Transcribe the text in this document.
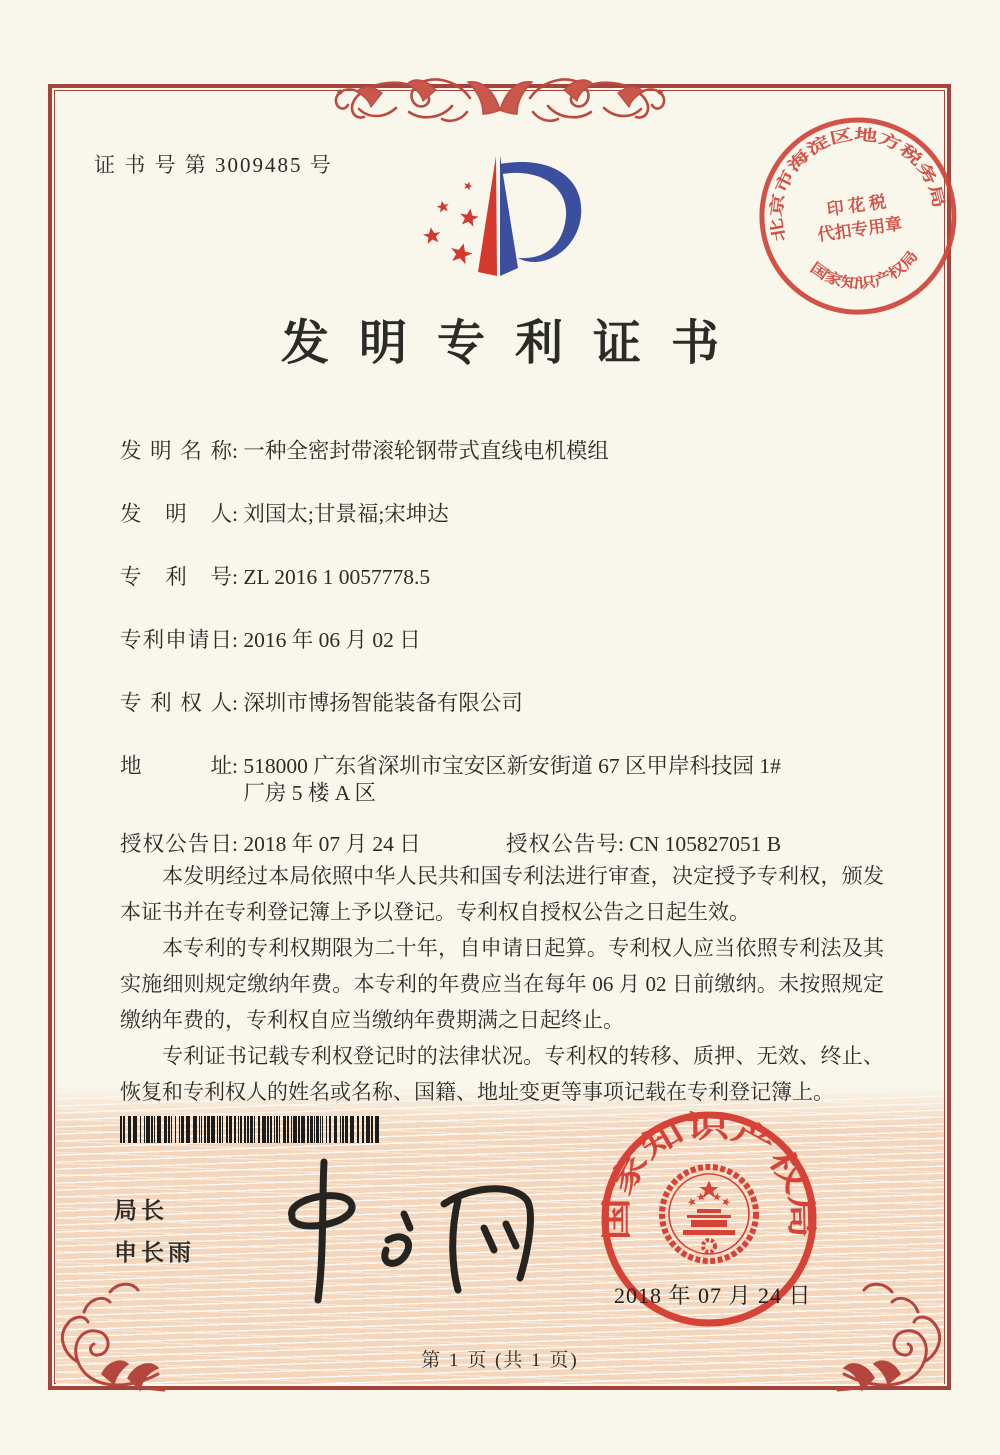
证 书 号 第 3009485 号
北京市海淀区地方税务局
印 花 税
代扣专用章
国家知识产权局
发明专利证书
发明名称 : 一种全密封带滚轮钢带式直线电机模组
发明人 : 刘国太;甘景福;宋坤达
专利号 : ZL 2016 1 0057778.5
专利申请日 : 2016 年 06 月 02 日
专利权人 : 深圳市博扬智能装备有限公司
地址 : 518000 广东省深圳市宝安区新安街道 67 区甲岸科技园 1#
厂房 5 楼 A 区
授权公告日 : 2018 年 07 月 24 日	授权公告号 : CN 105827051 B

本发明经过本局依照中华人民共和国专利法进行审查，决定授予专利权，颁发本证书并在专利登记簿上予以登记。专利权自授权公告之日起生效。

本专利的专利权期限为二十年，自申请日起算。专利权人应当依照专利法及其实施细则规定缴纳年费。本专利的年费应当在每年 06 月 02 日前缴纳。未按照规定缴纳年费的，专利权自应当缴纳年费期满之日起终止。

专利证书记载专利权登记时的法律状况。专利权的转移、质押、无效、终止、恢复和专利权人的姓名或名称、国籍、地址变更等事项记载在专利登记簿上。

局长
申长雨
国家知识产权局
2018 年 07 月 24 日
第 1 页 (共 1 页)
